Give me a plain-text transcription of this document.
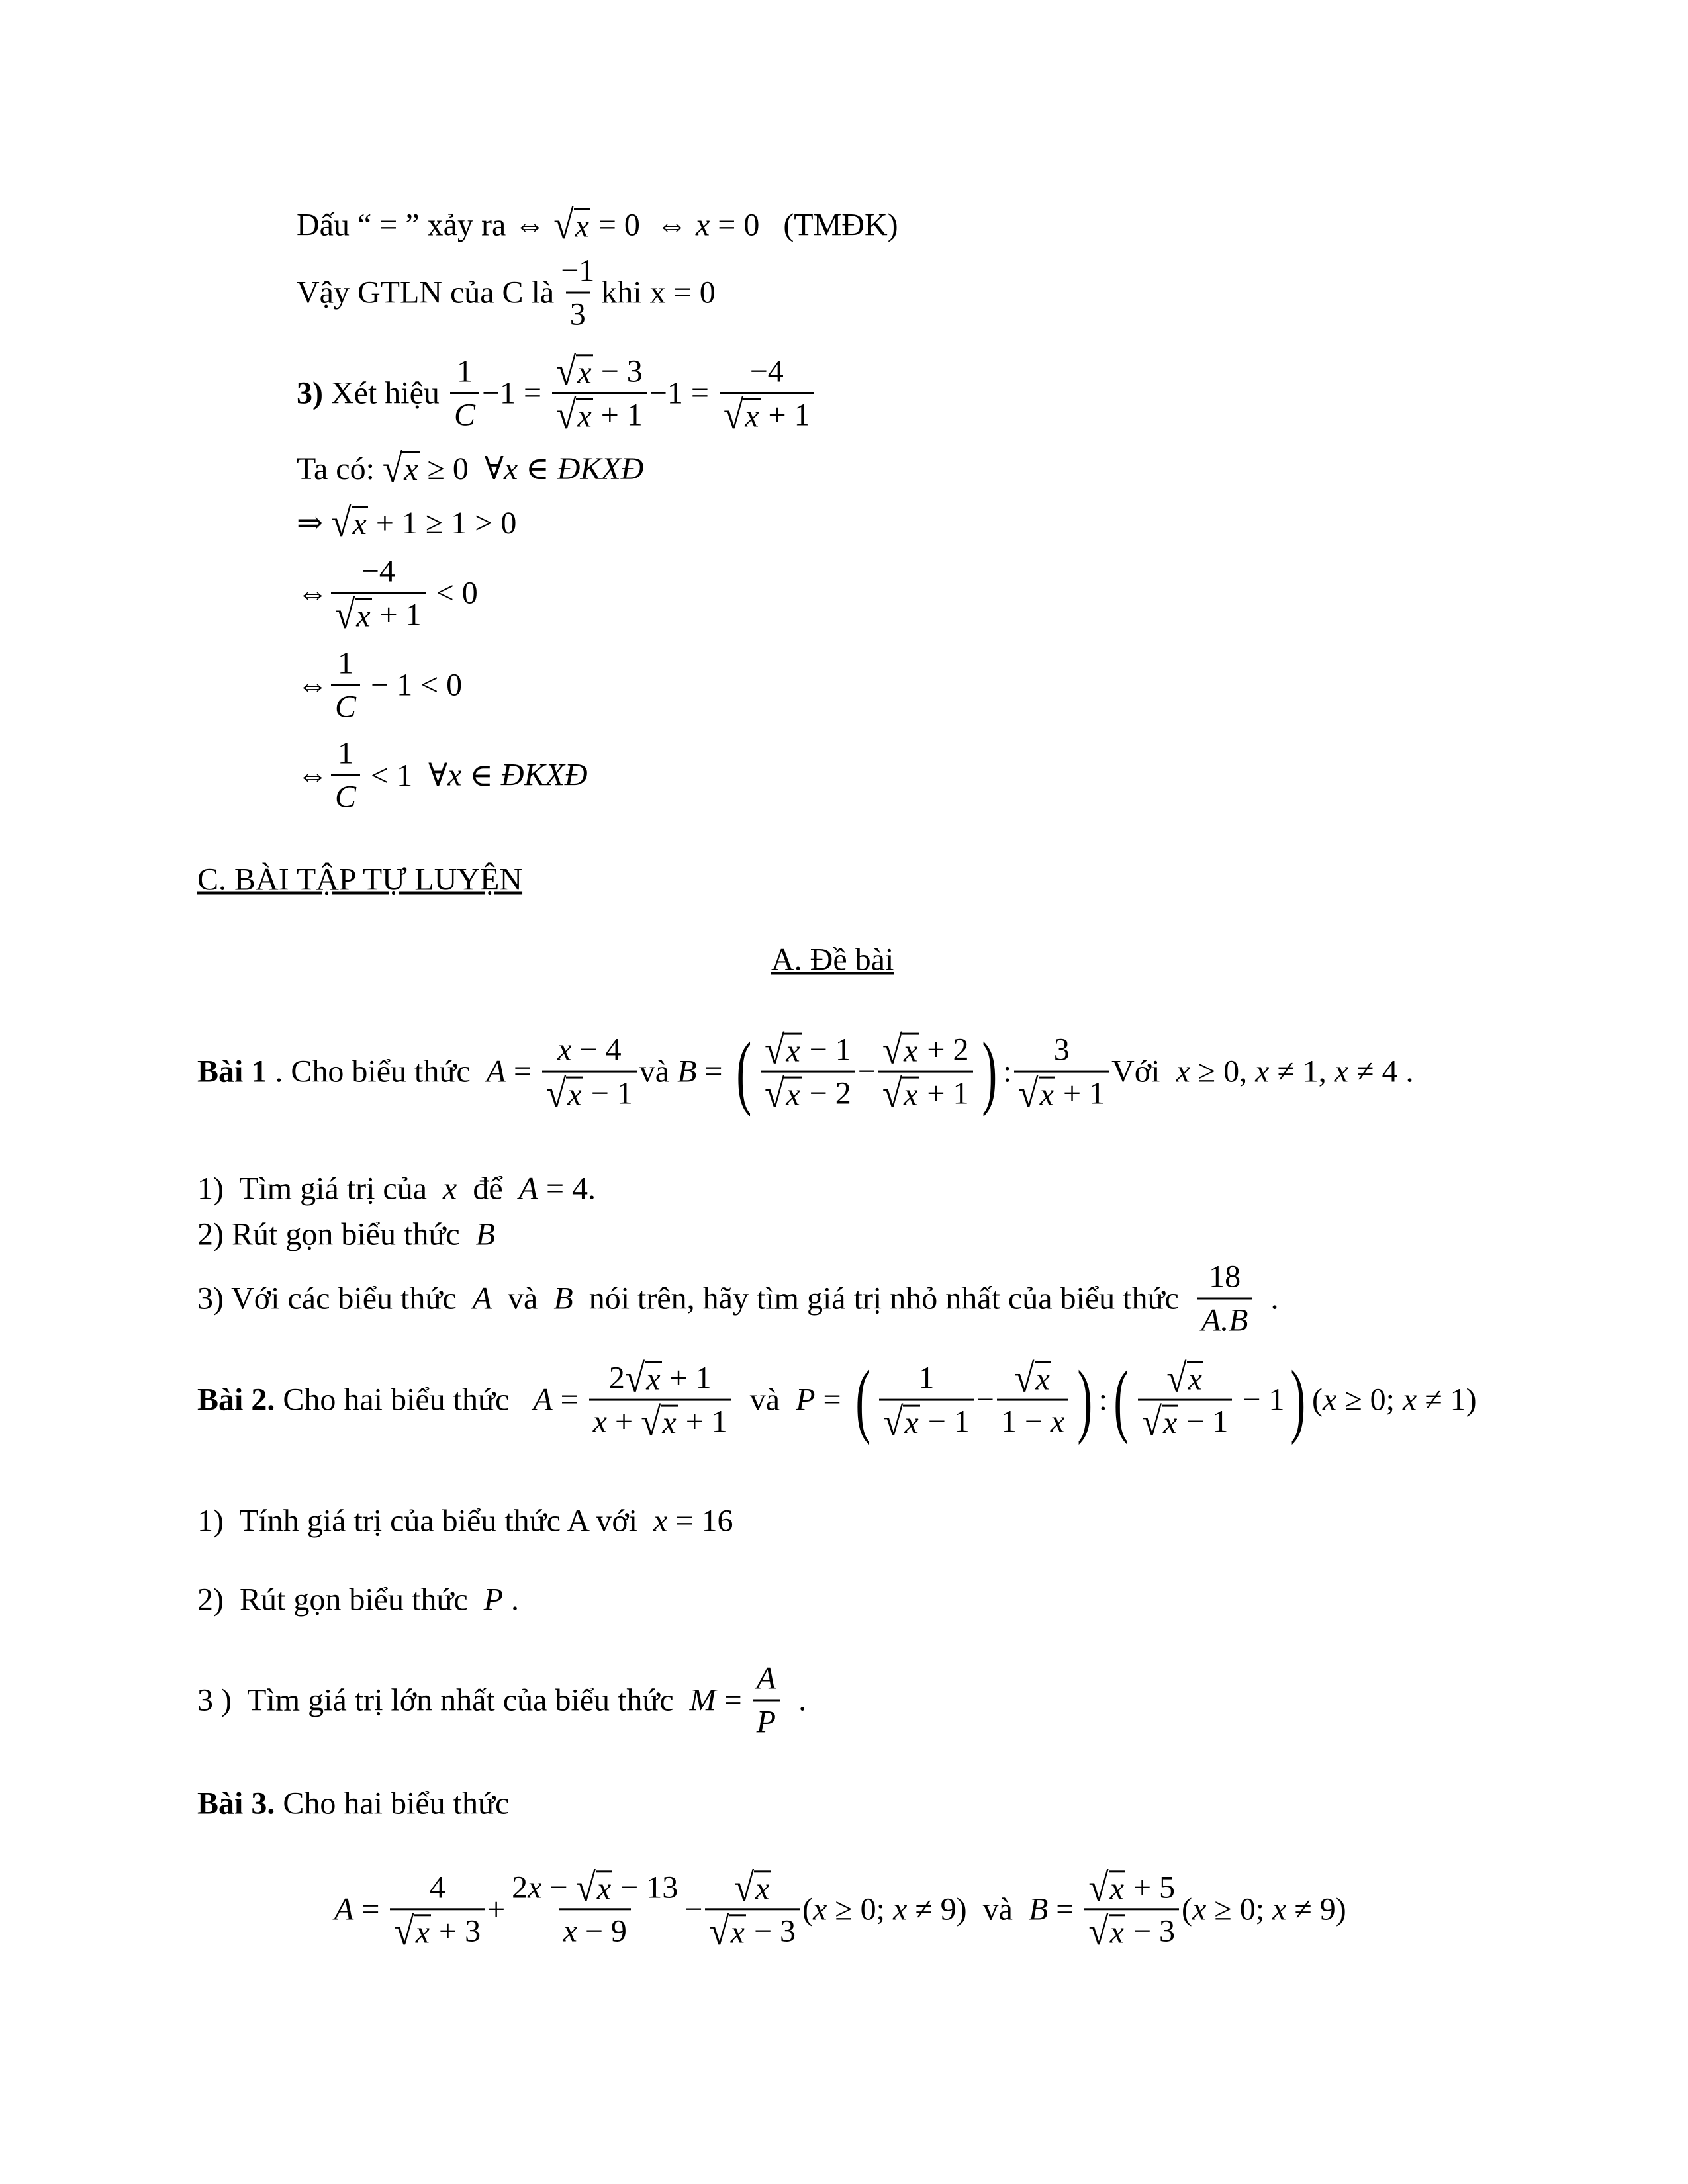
Dấu “ = ” xảy ra ⇔ √ x = 0  ⇔ x = 0   (TMĐK)
Vậy GTLN của C là $\frac{-1}{3}$ khi x = 0
3) Xét hiệu $\frac{1}{C} -1 = \frac{√ x - 3}{√ x + 1} -1 = \frac{-4}{√ x + 1}$
Ta có: √ x ≥ 0  ∀ x ∈ ĐKXĐ
⇒ √ x + 1 ≥ 1 > 0
⇔ $\frac{-4}{√ x + 1} < 0$
⇔ $\frac{1}{C} - 1 < 0$
⇔ $\frac{1}{C} < 1$  ∀ x ∈ ĐKXĐ
C. BÀI TẬP TỰ LUYỆN
A. Đề bài
Bài 1 . Cho biểu thức $A = \frac{x - 4}{√ x - 1}$ và B = ( $\frac{√ x - 1}{√ x - 2} - \frac{√ x + 2}{√ x + 1}$ ) : $\frac{3}{√ x + 1}$ Với x ≥ 0, x ≠ 1, x ≠ 4 .
1)  Tìm giá trị của x để A = 4.
2) Rút gọn biểu thức B
3) Với các biểu thức A và B nói trên, hãy tìm giá trị nhỏ nhất của biểu thức $\frac{18}{A.B}$ .
Bài 2. Cho hai biểu thức $A = \frac{2 √ x + 1}{x + √ x + 1}$ và P = ( $\frac{1}{√ x - 1} - \frac{√ x}{1 - x}$ ) : ( $\frac{√ x}{√ x - 1} - 1$ ) ( x ≥ 0; x ≠ 1)
1)  Tính giá trị của biểu thức A với x = 16
2)  Rút gọn biểu thức P .
3 )  Tìm giá trị lớn nhất của biểu thức $M = \frac{A}{P}$ .
Bài 3. Cho hai biểu thức
$A = \frac{4}{√ x + 3} + \frac{2 x - √ x - 13}{x - 9} - \frac{√ x}{√ x - 3}$ ( x ≥ 0; x ≠ 9)  và $B = \frac{√ x + 5}{√ x - 3}$ ( x ≥ 0; x ≠ 9)
